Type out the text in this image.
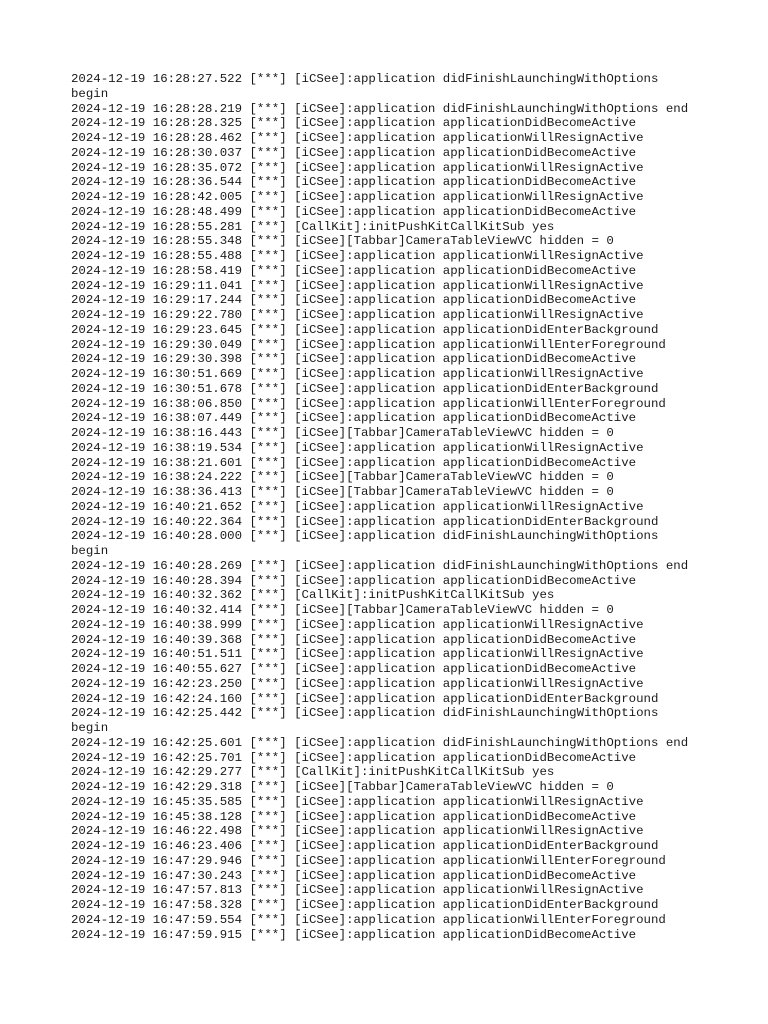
2024-12-19 16:28:27.522 [***] [iCSee]:application didFinishLaunchingWithOptions
begin
2024-12-19 16:28:28.219 [***] [iCSee]:application didFinishLaunchingWithOptions end
2024-12-19 16:28:28.325 [***] [iCSee]:application applicationDidBecomeActive
2024-12-19 16:28:28.462 [***] [iCSee]:application applicationWillResignActive
2024-12-19 16:28:30.037 [***] [iCSee]:application applicationDidBecomeActive
2024-12-19 16:28:35.072 [***] [iCSee]:application applicationWillResignActive
2024-12-19 16:28:36.544 [***] [iCSee]:application applicationDidBecomeActive
2024-12-19 16:28:42.005 [***] [iCSee]:application applicationWillResignActive
2024-12-19 16:28:48.499 [***] [iCSee]:application applicationDidBecomeActive
2024-12-19 16:28:55.281 [***] [CallKit]:initPushKitCallKitSub yes
2024-12-19 16:28:55.348 [***] [iCSee][Tabbar]CameraTableViewVC hidden = 0
2024-12-19 16:28:55.488 [***] [iCSee]:application applicationWillResignActive
2024-12-19 16:28:58.419 [***] [iCSee]:application applicationDidBecomeActive
2024-12-19 16:29:11.041 [***] [iCSee]:application applicationWillResignActive
2024-12-19 16:29:17.244 [***] [iCSee]:application applicationDidBecomeActive
2024-12-19 16:29:22.780 [***] [iCSee]:application applicationWillResignActive
2024-12-19 16:29:23.645 [***] [iCSee]:application applicationDidEnterBackground
2024-12-19 16:29:30.049 [***] [iCSee]:application applicationWillEnterForeground
2024-12-19 16:29:30.398 [***] [iCSee]:application applicationDidBecomeActive
2024-12-19 16:30:51.669 [***] [iCSee]:application applicationWillResignActive
2024-12-19 16:30:51.678 [***] [iCSee]:application applicationDidEnterBackground
2024-12-19 16:38:06.850 [***] [iCSee]:application applicationWillEnterForeground
2024-12-19 16:38:07.449 [***] [iCSee]:application applicationDidBecomeActive
2024-12-19 16:38:16.443 [***] [iCSee][Tabbar]CameraTableViewVC hidden = 0
2024-12-19 16:38:19.534 [***] [iCSee]:application applicationWillResignActive
2024-12-19 16:38:21.601 [***] [iCSee]:application applicationDidBecomeActive
2024-12-19 16:38:24.222 [***] [iCSee][Tabbar]CameraTableViewVC hidden = 0
2024-12-19 16:38:36.413 [***] [iCSee][Tabbar]CameraTableViewVC hidden = 0
2024-12-19 16:40:21.652 [***] [iCSee]:application applicationWillResignActive
2024-12-19 16:40:22.364 [***] [iCSee]:application applicationDidEnterBackground
2024-12-19 16:40:28.000 [***] [iCSee]:application didFinishLaunchingWithOptions
begin
2024-12-19 16:40:28.269 [***] [iCSee]:application didFinishLaunchingWithOptions end
2024-12-19 16:40:28.394 [***] [iCSee]:application applicationDidBecomeActive
2024-12-19 16:40:32.362 [***] [CallKit]:initPushKitCallKitSub yes
2024-12-19 16:40:32.414 [***] [iCSee][Tabbar]CameraTableViewVC hidden = 0
2024-12-19 16:40:38.999 [***] [iCSee]:application applicationWillResignActive
2024-12-19 16:40:39.368 [***] [iCSee]:application applicationDidBecomeActive
2024-12-19 16:40:51.511 [***] [iCSee]:application applicationWillResignActive
2024-12-19 16:40:55.627 [***] [iCSee]:application applicationDidBecomeActive
2024-12-19 16:42:23.250 [***] [iCSee]:application applicationWillResignActive
2024-12-19 16:42:24.160 [***] [iCSee]:application applicationDidEnterBackground
2024-12-19 16:42:25.442 [***] [iCSee]:application didFinishLaunchingWithOptions
begin
2024-12-19 16:42:25.601 [***] [iCSee]:application didFinishLaunchingWithOptions end
2024-12-19 16:42:25.701 [***] [iCSee]:application applicationDidBecomeActive
2024-12-19 16:42:29.277 [***] [CallKit]:initPushKitCallKitSub yes
2024-12-19 16:42:29.318 [***] [iCSee][Tabbar]CameraTableViewVC hidden = 0
2024-12-19 16:45:35.585 [***] [iCSee]:application applicationWillResignActive
2024-12-19 16:45:38.128 [***] [iCSee]:application applicationDidBecomeActive
2024-12-19 16:46:22.498 [***] [iCSee]:application applicationWillResignActive
2024-12-19 16:46:23.406 [***] [iCSee]:application applicationDidEnterBackground
2024-12-19 16:47:29.946 [***] [iCSee]:application applicationWillEnterForeground
2024-12-19 16:47:30.243 [***] [iCSee]:application applicationDidBecomeActive
2024-12-19 16:47:57.813 [***] [iCSee]:application applicationWillResignActive
2024-12-19 16:47:58.328 [***] [iCSee]:application applicationDidEnterBackground
2024-12-19 16:47:59.554 [***] [iCSee]:application applicationWillEnterForeground
2024-12-19 16:47:59.915 [***] [iCSee]:application applicationDidBecomeActive
